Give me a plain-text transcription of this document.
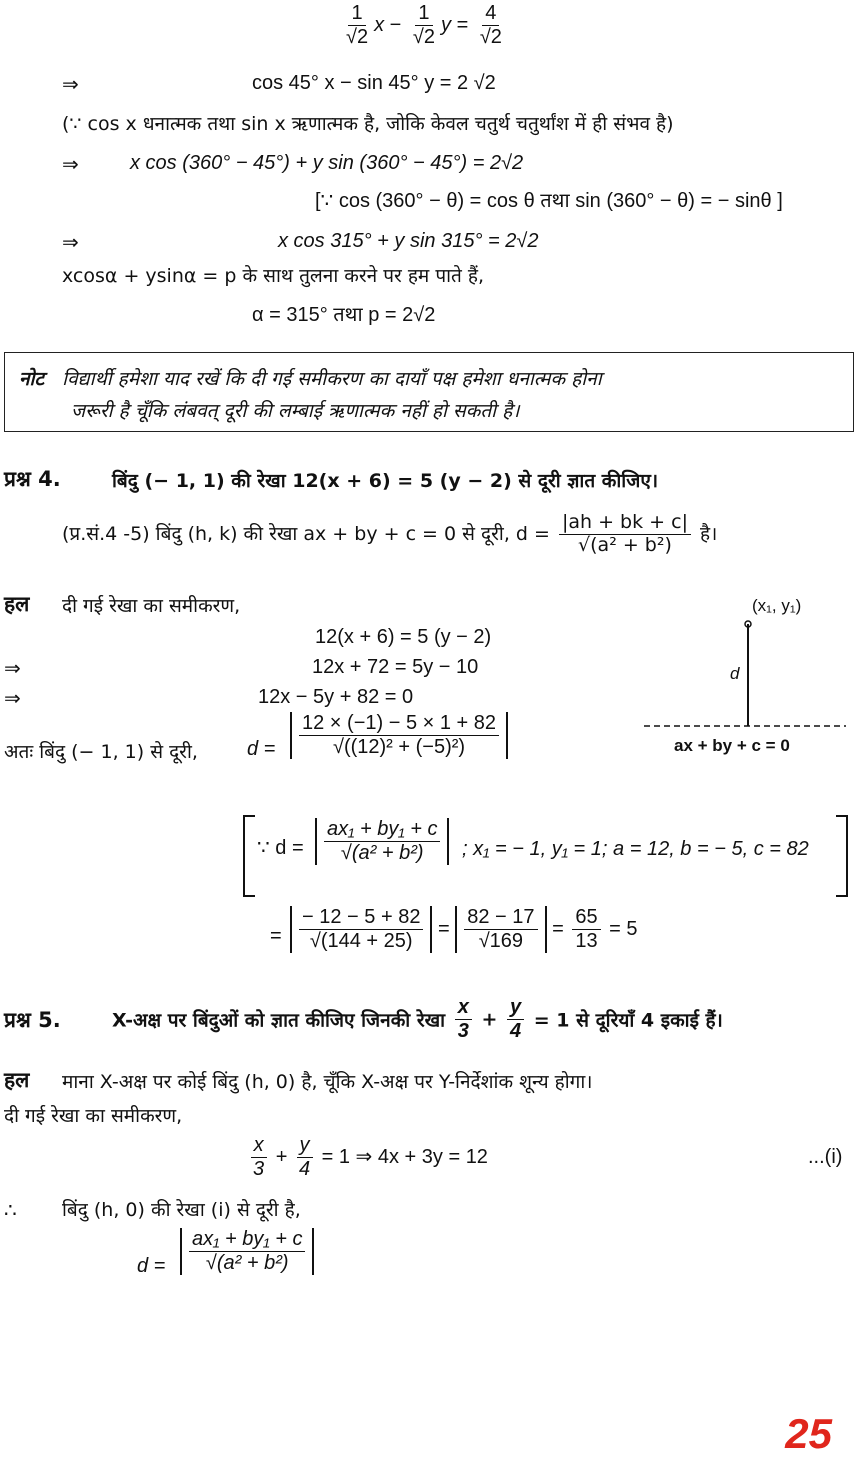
$\frac{1}{√2}$ $x - \frac{1}{√2}$ $y = \frac{4}{√2}$
⇒	cos 45° x − sin 45° y = 2 √2
(∵ cos x धनात्मक तथा sin x ऋणात्मक है, जोकि केवल चतुर्थ चतुर्थांश में ही संभव है)
⇒	x cos (360° − 45°) + y sin (360° − 45°) = 2√2
[∵ cos (360° − θ) = cos θ तथा sin (360° − θ) = − sinθ ]
⇒	x cos 315° + y sin 315° = 2√2
xcosα + ysinα = p के साथ तुलना करने पर हम पाते हैं,
α = 315° तथा p = 2√2
नोट विद्यार्थी हमेशा याद रखें कि दी गई समीकरण का दायाँ पक्ष हमेशा धनात्मक होना
जरूरी है चूँकि लंबवत् दूरी की लम्बाई ऋणात्मक नहीं हो सकती है।
प्रश्न 4.	बिंदु (− 1, 1) की रेखा 12(x + 6) = 5 (y − 2) से दूरी ज्ञात कीजिए।
(प्र.सं.4 -5) बिंदु (h, k) की रेखा ax + by + c = 0 से दूरी, $d = \frac{|ah + bk + c|}{\text{√(a² + b²)}}$ है।
हल दी गई रेखा का समीकरण,
12(x + 6) = 5 (y − 2)
⇒	12x + 72 = 5y − 10
⇒	12x − 5y + 82 = 0
(x₁, y₁)
d
ax + by + c = 0
अतः बिंदु (− 1, 1) से दूरी, $d = \frac{12 \times (-1) - 5 \times 1 + 82}{\text{√((12)² + (−5)²)}}$
∵ $d = \frac{\text{ax₁ + by₁ + c}}{\text{√(a² + b²)}}$ ; x₁ = − 1, y₁ = 1; a = 12, b = − 5, c = 82
= $\frac{- 12 - 5 + 82}{√(144 + 25)} = \frac{82 - 17}{√169} = \frac{65}{13} = 5$
प्रश्न 5.	X-अक्ष पर बिंदुओं को ज्ञात कीजिए जिनकी रेखा $\frac{x}{3} + \frac{y}{4} = 1$ से दूरियाँ 4 इकाई हैं।
हल माना X-अक्ष पर कोई बिंदु (h, 0) है, चूँकि X-अक्ष पर Y-निर्देशांक शून्य होगा।
दी गई रेखा का समीकरण,
$\frac{x}{3} + \frac{y}{4} = 1$ ⇒ 4x + 3y = 12	...(i)
∴ बिंदु (h, 0) की रेखा (i) से दूरी है,
$d = \frac{\text{ax₁ + by₁ + c}}{\text{√(a² + b²)}}$
25
